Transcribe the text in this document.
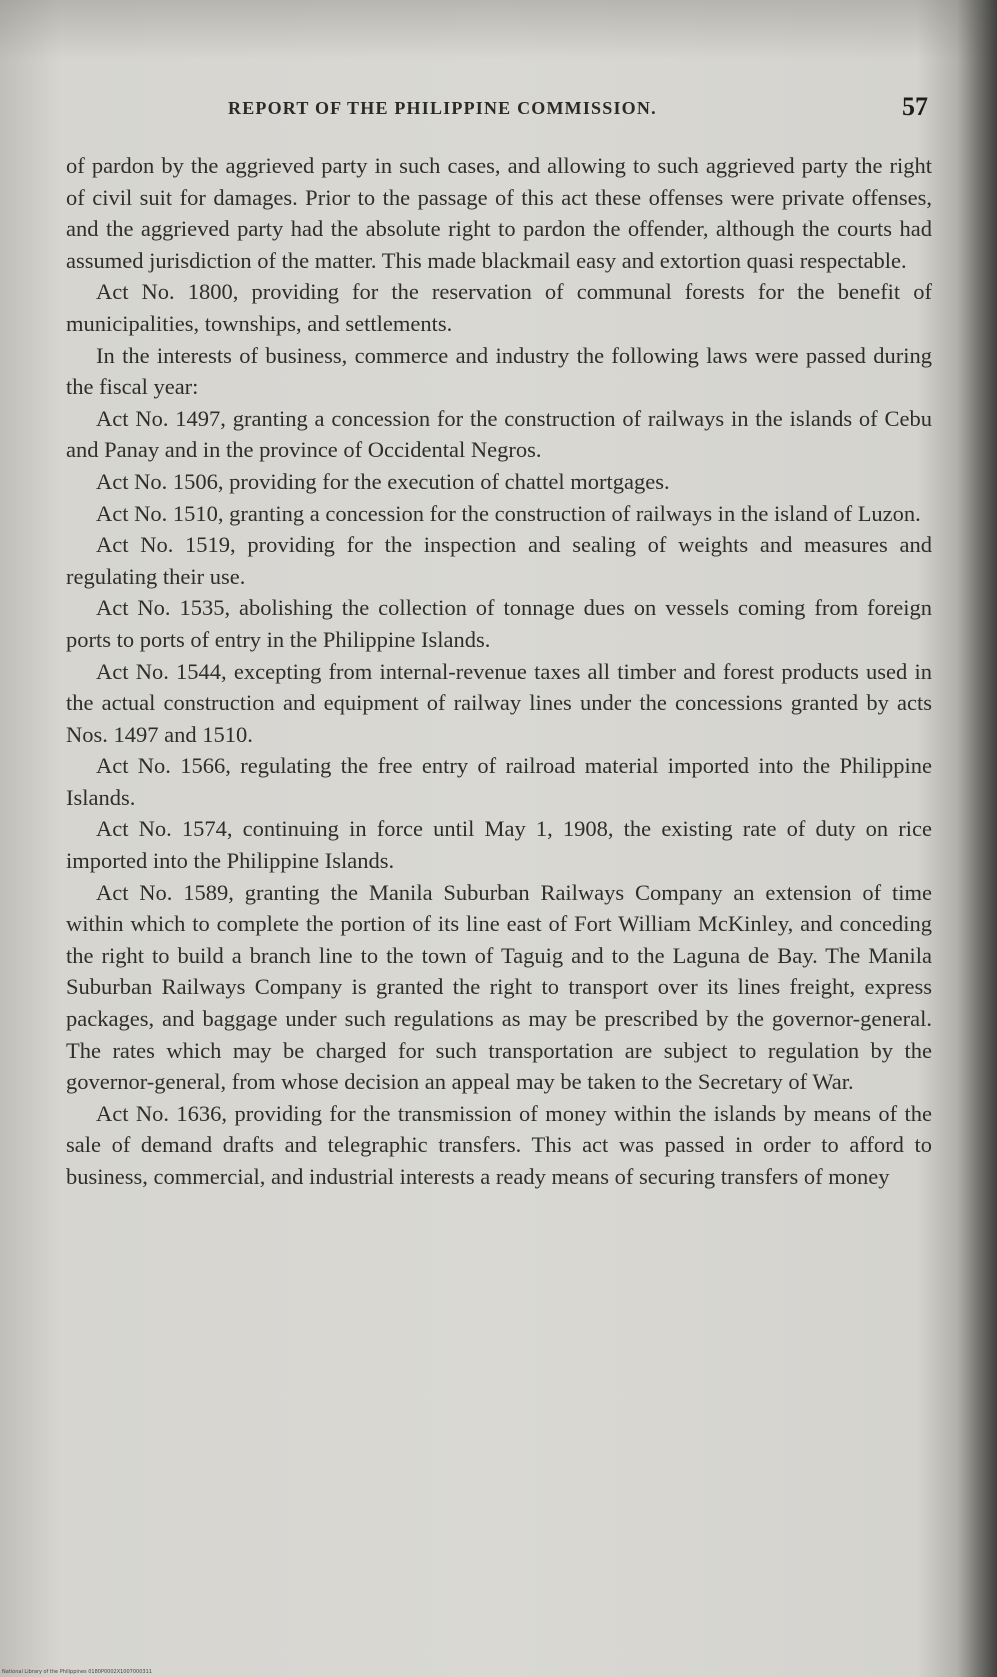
REPORT OF THE PHILIPPINE COMMISSION.	57

of pardon by the aggrieved party in such cases, and allowing to such aggrieved party the right of civil suit for damages. Prior to the passage of this act these offenses were private offenses, and the aggrieved party had the absolute right to pardon the offender, although the courts had assumed jurisdiction of the matter. This made blackmail easy and extortion quasi respectable.

Act No. 1800, providing for the reservation of communal forests for the benefit of municipalities, townships, and settlements.

In the interests of business, commerce and industry the following laws were passed during the fiscal year:

Act No. 1497, granting a concession for the construction of railways in the islands of Cebu and Panay and in the province of Occidental Negros.

Act No. 1506, providing for the execution of chattel mortgages.

Act No. 1510, granting a concession for the construction of railways in the island of Luzon.

Act No. 1519, providing for the inspection and sealing of weights and measures and regulating their use.

Act No. 1535, abolishing the collection of tonnage dues on vessels coming from foreign ports to ports of entry in the Philippine Islands.

Act No. 1544, excepting from internal-revenue taxes all timber and forest products used in the actual construction and equipment of railway lines under the concessions granted by acts Nos. 1497 and 1510.

Act No. 1566, regulating the free entry of railroad material imported into the Philippine Islands.

Act No. 1574, continuing in force until May 1, 1908, the existing rate of duty on rice imported into the Philippine Islands.

Act No. 1589, granting the Manila Suburban Railways Company an extension of time within which to complete the portion of its line east of Fort William McKinley, and conceding the right to build a branch line to the town of Taguig and to the Laguna de Bay. The Manila Suburban Railways Company is granted the right to transport over its lines freight, express packages, and baggage under such regulations as may be prescribed by the governor-general. The rates which may be charged for such transportation are subject to regulation by the governor-general, from whose decision an appeal may be taken to the Secretary of War.

Act No. 1636, providing for the transmission of money within the islands by means of the sale of demand drafts and telegraphic transfers. This act was passed in order to afford to business, commercial, and industrial interests a ready means of securing transfers of money

National Library of the Philippines 0180P0002X1007000311
